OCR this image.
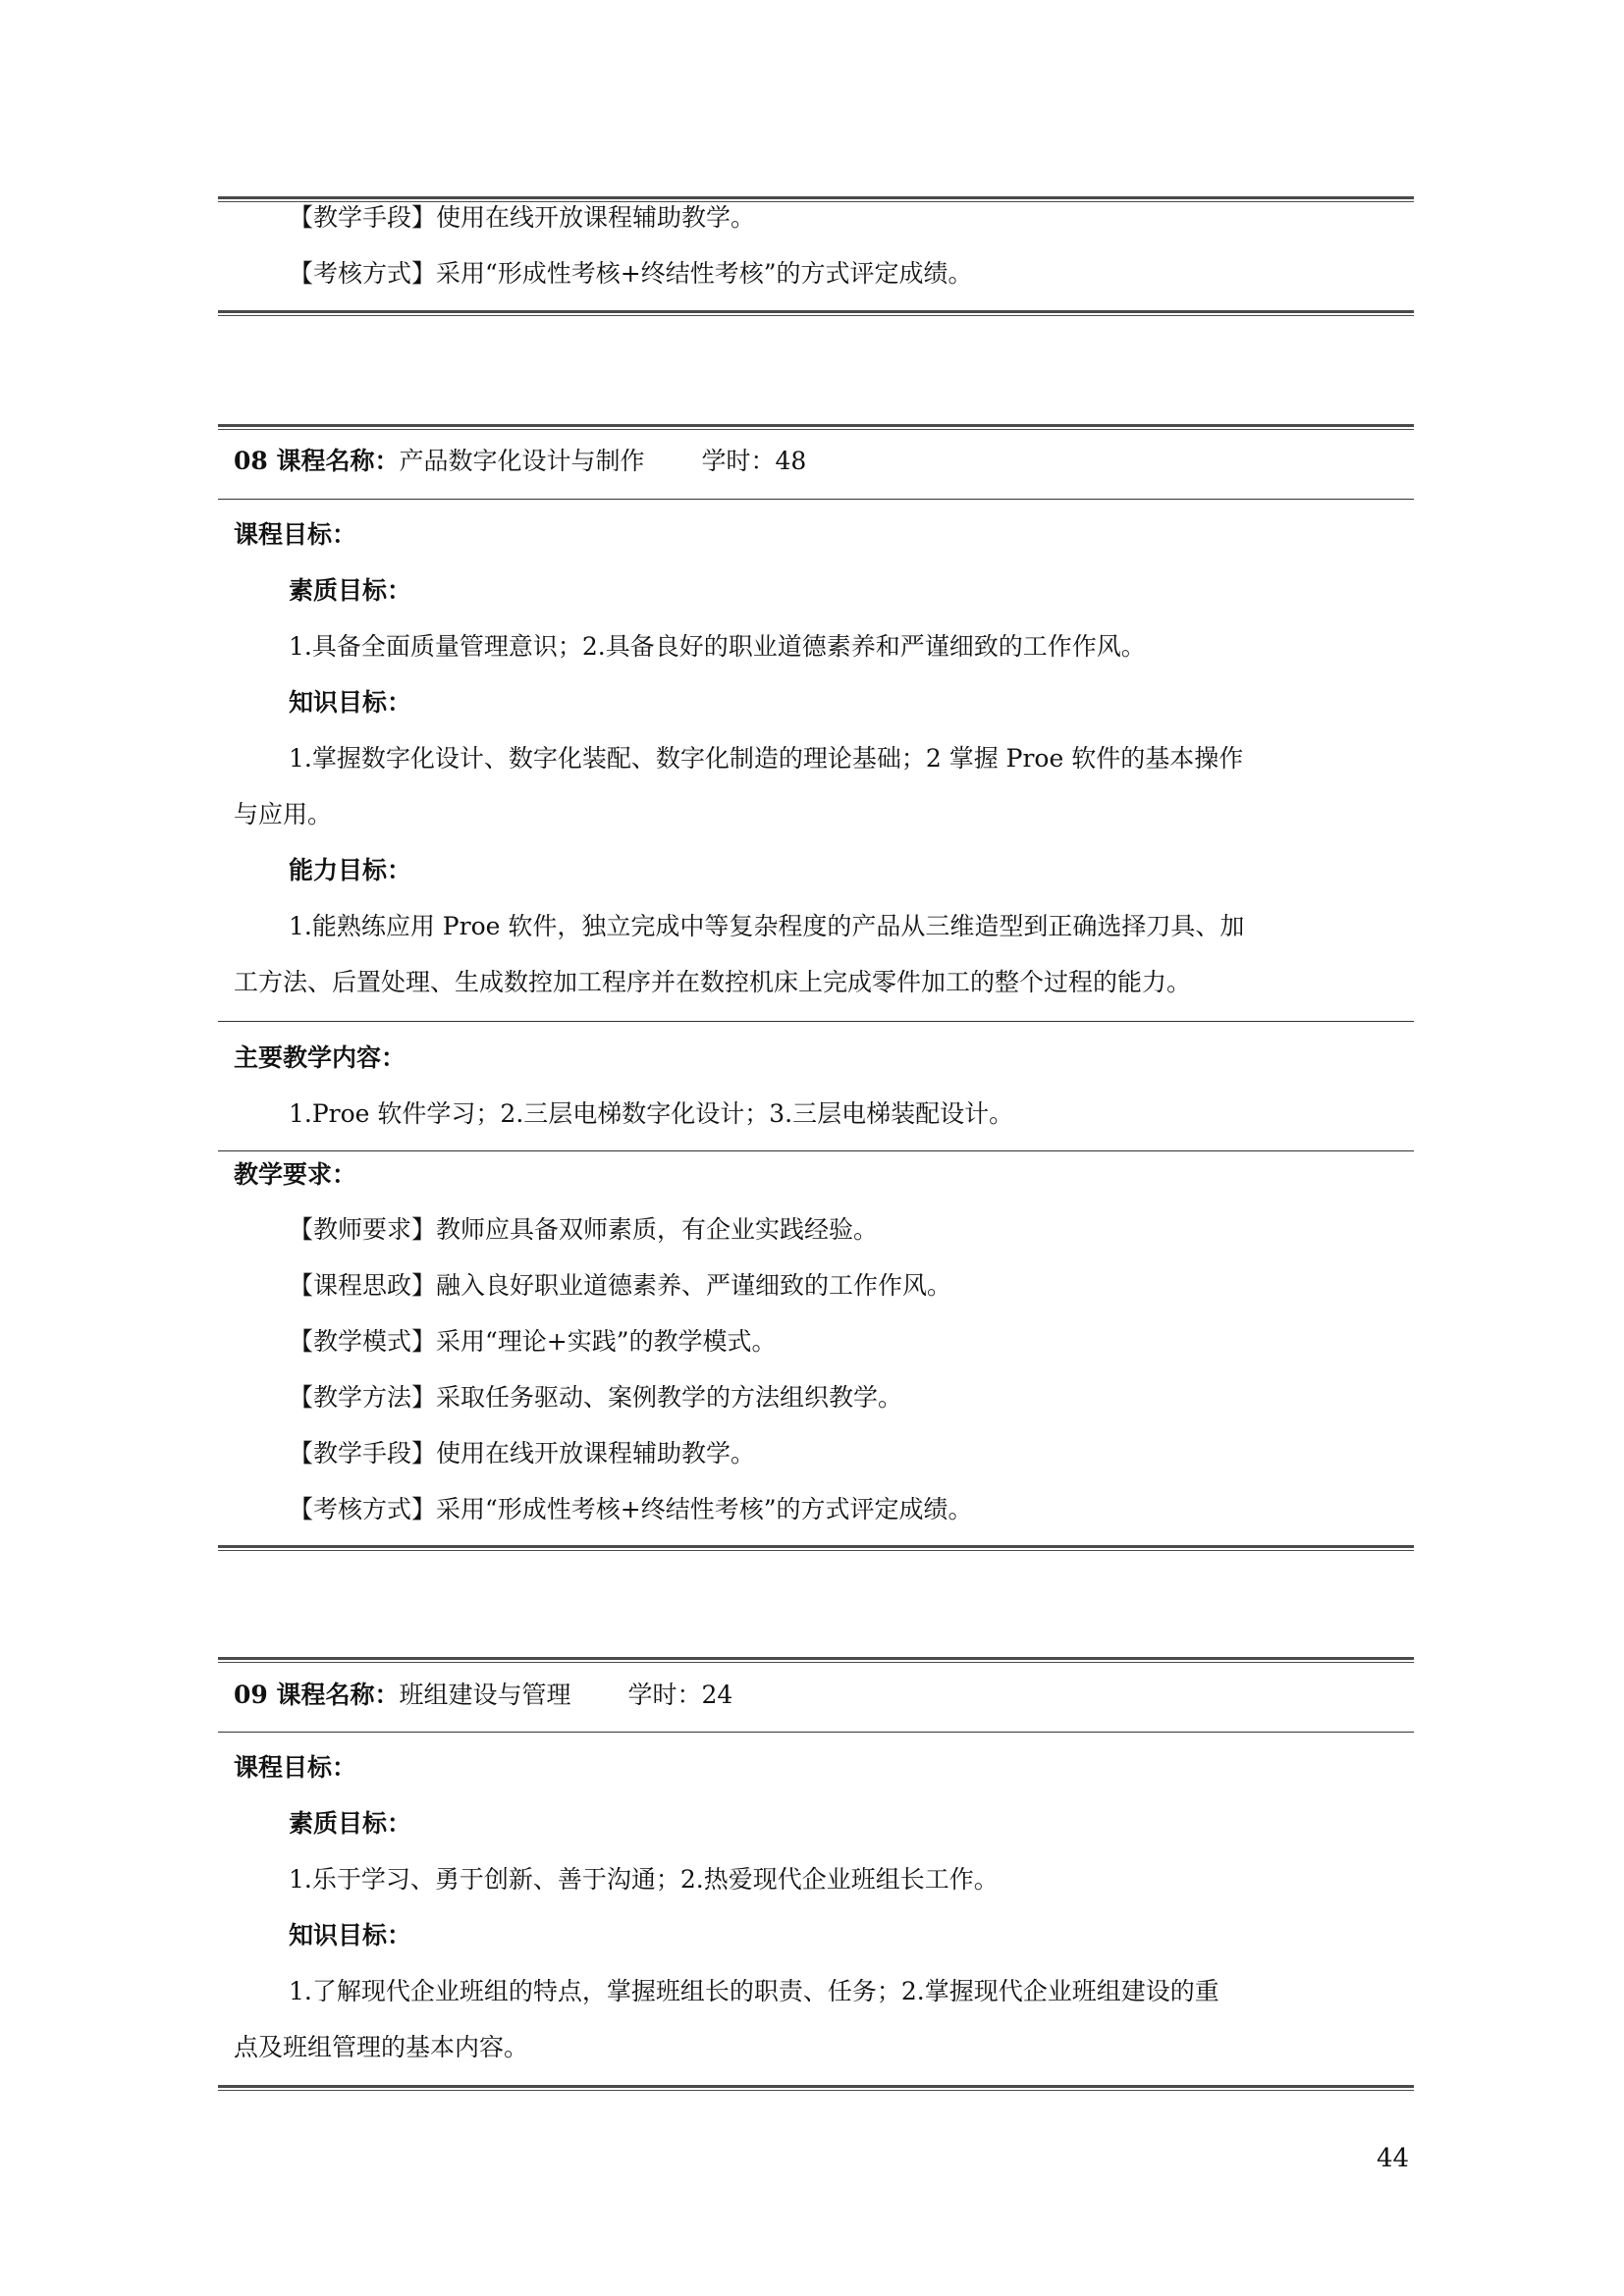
【教学手段】使用在线开放课程辅助教学。
【考核方式】采用“形成性考核+终结性考核”的方式评定成绩。
08 课程名称：产品数字化设计与制作 学时：48
课程目标：
素质目标：
1.具备全面质量管理意识；2.具备良好的职业道德素养和严谨细致的工作作风。
知识目标：
1.掌握数字化设计、数字化装配、数字化制造的理论基础；2 掌握 Proe 软件的基本操作
与应用。
能力目标：
1.能熟练应用 Proe 软件，独立完成中等复杂程度的产品从三维造型到正确选择刀具、加
工方法、后置处理、生成数控加工程序并在数控机床上完成零件加工的整个过程的能力。
主要教学内容：
1.Proe 软件学习；2.三层电梯数字化设计；3.三层电梯装配设计。
教学要求：
【教师要求】教师应具备双师素质，有企业实践经验。
【课程思政】融入良好职业道德素养、严谨细致的工作作风。
【教学模式】采用“理论+实践”的教学模式。
【教学方法】采取任务驱动、案例教学的方法组织教学。
【教学手段】使用在线开放课程辅助教学。
【考核方式】采用“形成性考核+终结性考核”的方式评定成绩。
09 课程名称：班组建设与管理 学时：24
课程目标：
素质目标：
1.乐于学习、勇于创新、善于沟通；2.热爱现代企业班组长工作。
知识目标：
1.了解现代企业班组的特点，掌握班组长的职责、任务；2.掌握现代企业班组建设的重
点及班组管理的基本内容。
44
